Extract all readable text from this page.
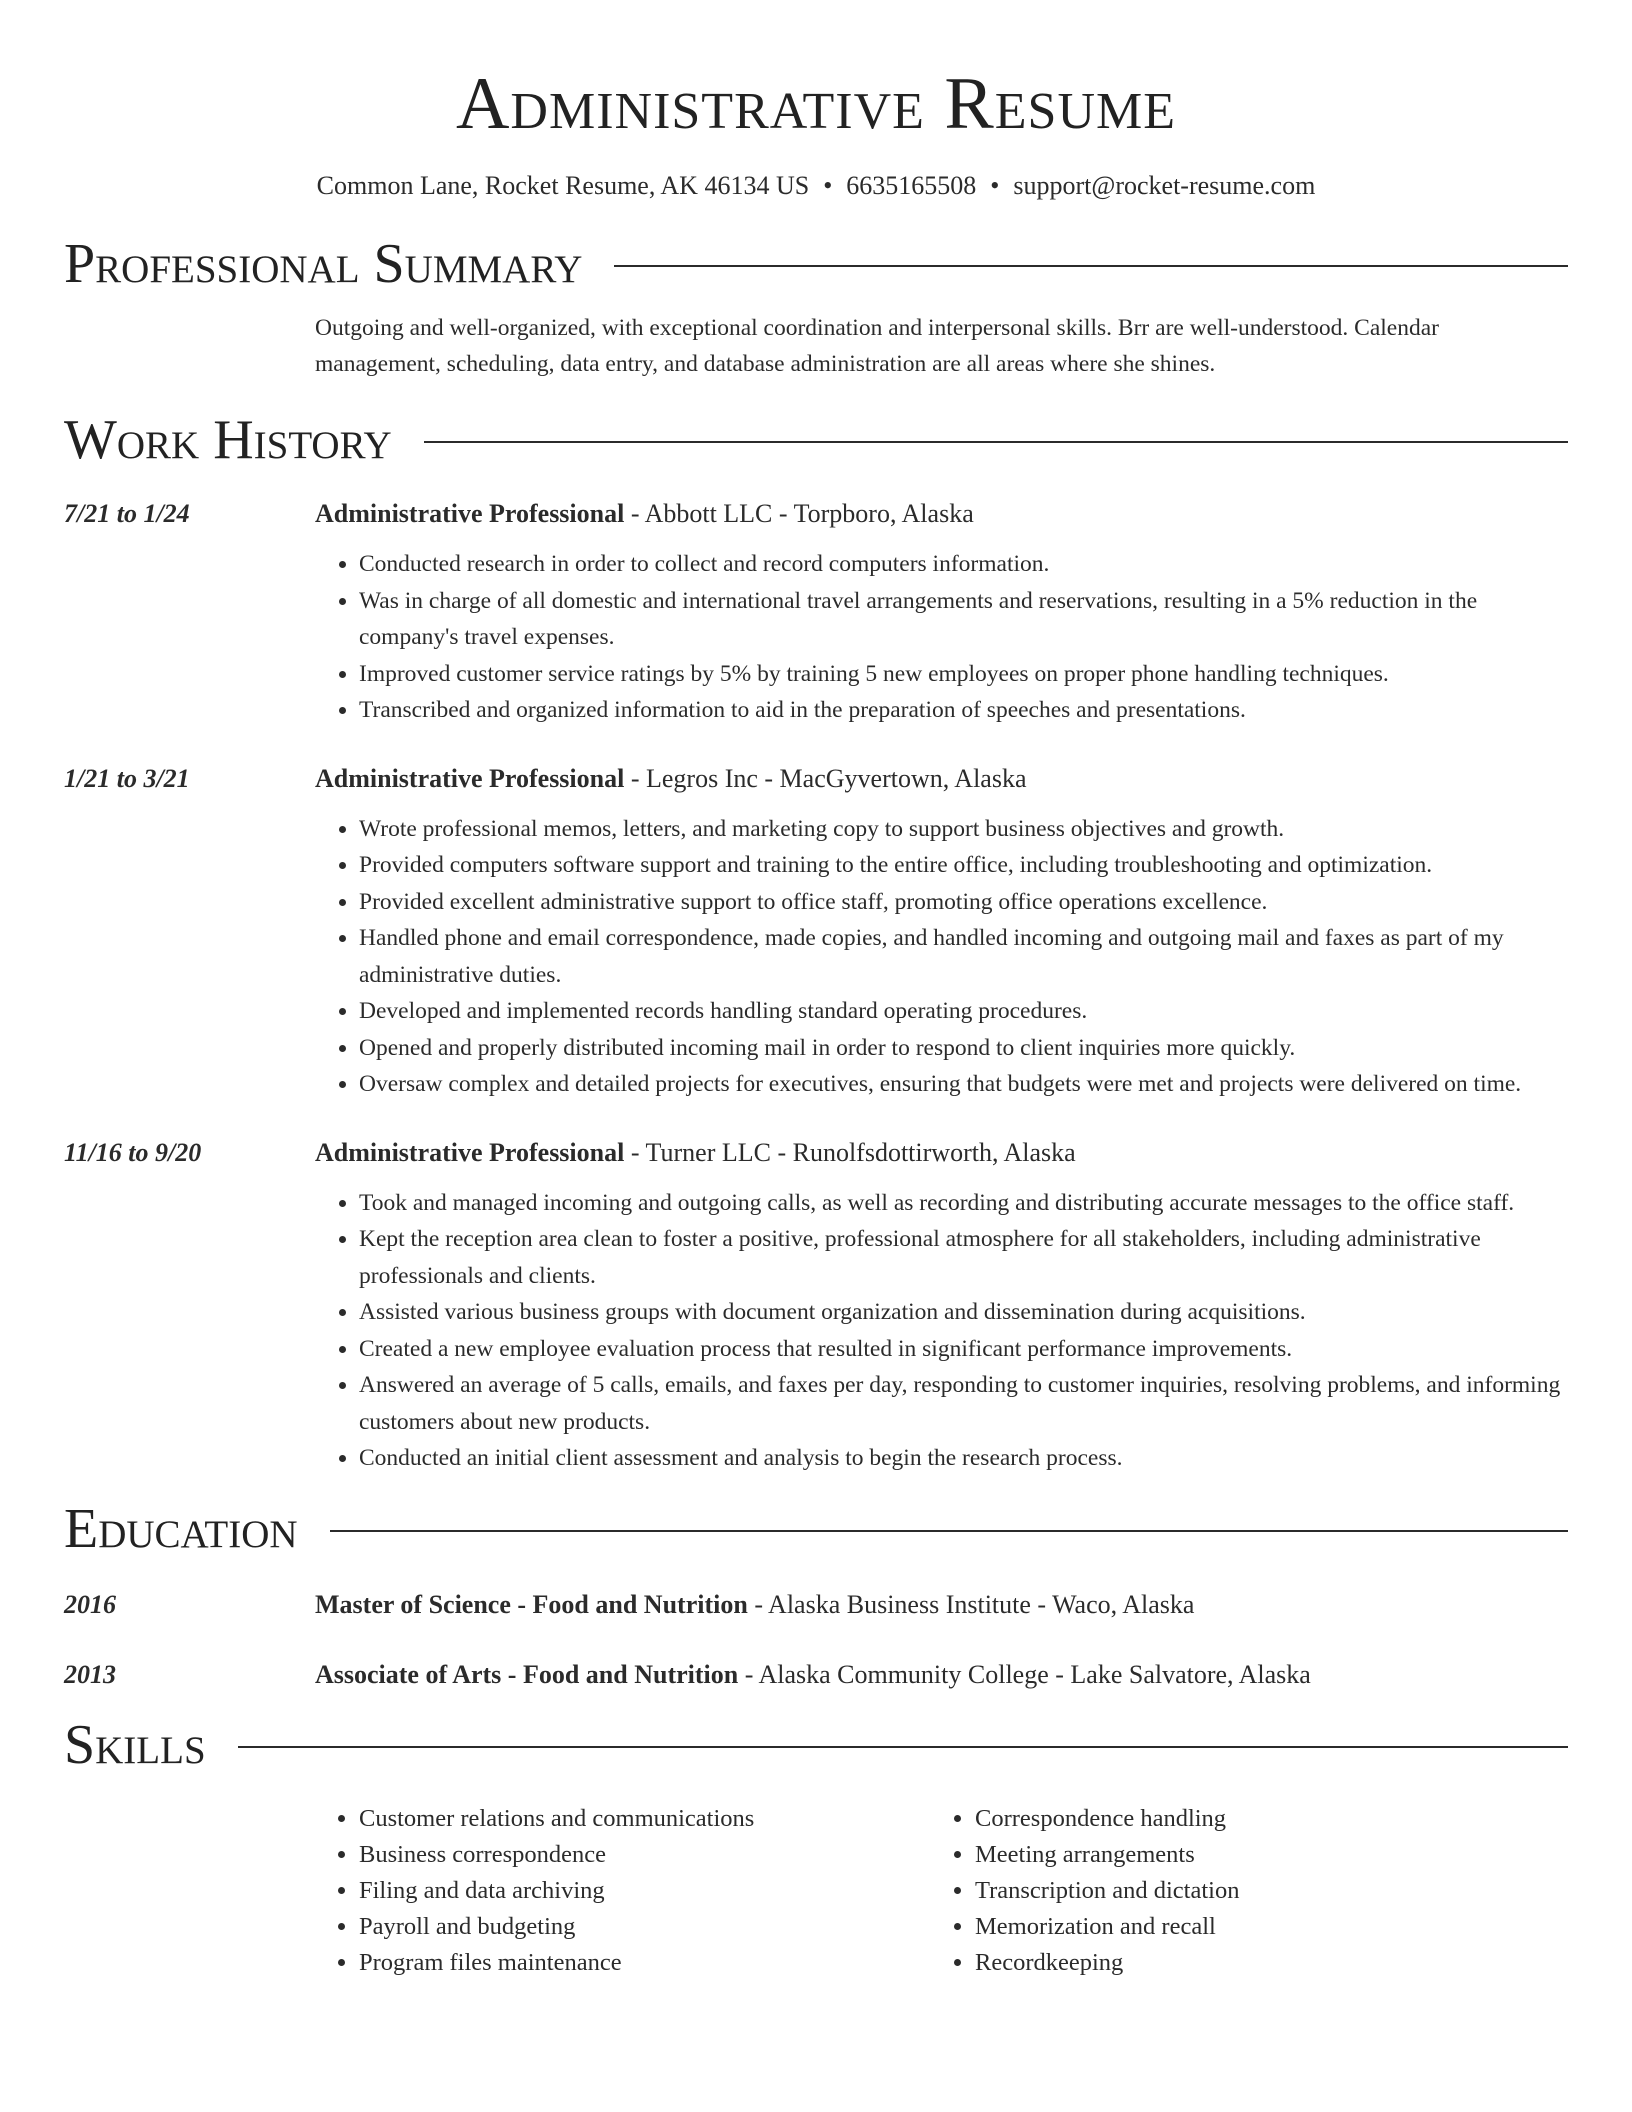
Administrative Resume
Common Lane, Rocket Resume, AK 46134 US • 6635165508 • support@rocket-resume.com
Professional Summary
Outgoing and well-organized, with exceptional coordination and interpersonal skills. Brr are well-understood. Calendar management, scheduling, data entry, and database administration are all areas where she shines.
Work History
7/21 to 1/24	Administrative Professional - Abbott LLC - Torpboro, Alaska
• Conducted research in order to collect and record computers information.
• Was in charge of all domestic and international travel arrangements and reservations, resulting in a 5% reduction in the company's travel expenses.
• Improved customer service ratings by 5% by training 5 new employees on proper phone handling techniques.
• Transcribed and organized information to aid in the preparation of speeches and presentations.
1/21 to 3/21	Administrative Professional - Legros Inc - MacGyvertown, Alaska
• Wrote professional memos, letters, and marketing copy to support business objectives and growth.
• Provided computers software support and training to the entire office, including troubleshooting and optimization.
• Provided excellent administrative support to office staff, promoting office operations excellence.
• Handled phone and email correspondence, made copies, and handled incoming and outgoing mail and faxes as part of my administrative duties.
• Developed and implemented records handling standard operating procedures.
• Opened and properly distributed incoming mail in order to respond to client inquiries more quickly.
• Oversaw complex and detailed projects for executives, ensuring that budgets were met and projects were delivered on time.
11/16 to 9/20	Administrative Professional - Turner LLC - Runolfsdottirworth, Alaska
• Took and managed incoming and outgoing calls, as well as recording and distributing accurate messages to the office staff.
• Kept the reception area clean to foster a positive, professional atmosphere for all stakeholders, including administrative professionals and clients.
• Assisted various business groups with document organization and dissemination during acquisitions.
• Created a new employee evaluation process that resulted in significant performance improvements.
• Answered an average of 5 calls, emails, and faxes per day, responding to customer inquiries, resolving problems, and informing customers about new products.
• Conducted an initial client assessment and analysis to begin the research process.
Education
2016	Master of Science - Food and Nutrition - Alaska Business Institute - Waco, Alaska
2013	Associate of Arts - Food and Nutrition - Alaska Community College - Lake Salvatore, Alaska
Skills
• Customer relations and communications
• Business correspondence
• Filing and data archiving
• Payroll and budgeting
• Program files maintenance
• Correspondence handling
• Meeting arrangements
• Transcription and dictation
• Memorization and recall
• Recordkeeping
